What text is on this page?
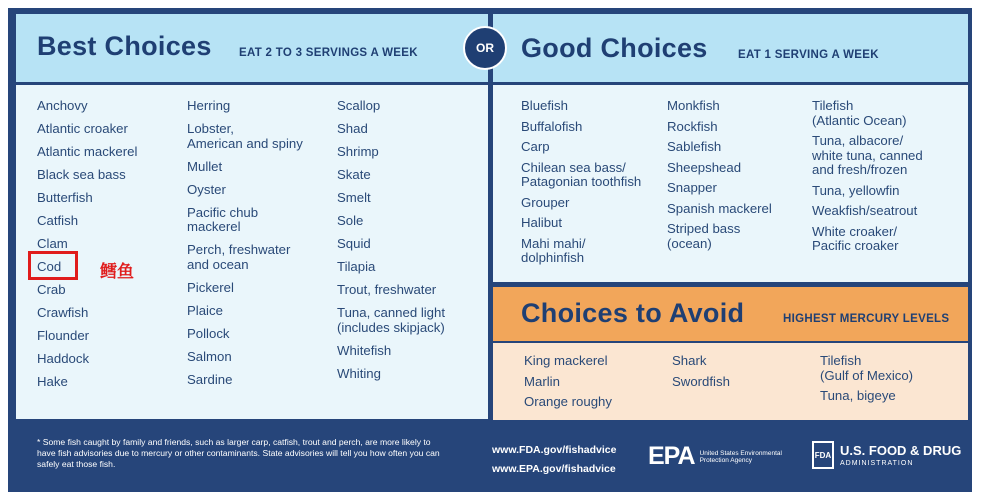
Best Choices EAT 2 TO 3 SERVINGS A WEEK
Anchovy
Atlantic croaker
Atlantic mackerel
Black sea bass
Butterfish
Catfish
Clam
Cod
Crab
Crawfish
Flounder
Haddock
Hake
Herring
Lobster,
American and spiny
Mullet
Oyster
Pacific chub
mackerel
Perch, freshwater
and ocean
Pickerel
Plaice
Pollock
Salmon
Sardine
Scallop
Shad
Shrimp
Skate
Smelt
Sole
Squid
Tilapia
Trout, freshwater
Tuna, canned light
(includes skipjack)
Whitefish
Whiting
Good Choices	EAT 1 SERVING A WEEK
Bluefish
Buffalofish
Carp
Chilean sea bass/
Patagonian toothfish
Grouper
Halibut
Mahi mahi/
dolphinfish
Monkfish
Rockfish
Sablefish
Sheepshead
Snapper
Spanish mackerel
Striped bass
(ocean)
Tilefish
(Atlantic Ocean)
Tuna, albacore/
white tuna, canned
and fresh/frozen
Tuna, yellowfin
Weakfish/seatrout
White croaker/
Pacific croaker
Choices to Avoid	HIGHEST MERCURY LEVELS
King mackerel
Marlin
Orange roughy
Shark
Swordfish
Tilefish
(Gulf of Mexico)
Tuna, bigeye
OR
鳕鱼
* Some fish caught by family and friends, such as larger carp, catfish, trout and perch, are more likely to have fish advisories due to mercury or other contaminants. State advisories will tell you how often you can safely eat those fish.
www.FDA.gov/fishadvice
www.EPA.gov/fishadvice EPA United States Environmental Protection Agency
FDA U.S. FOOD & DRUG
ADMINISTRATION
